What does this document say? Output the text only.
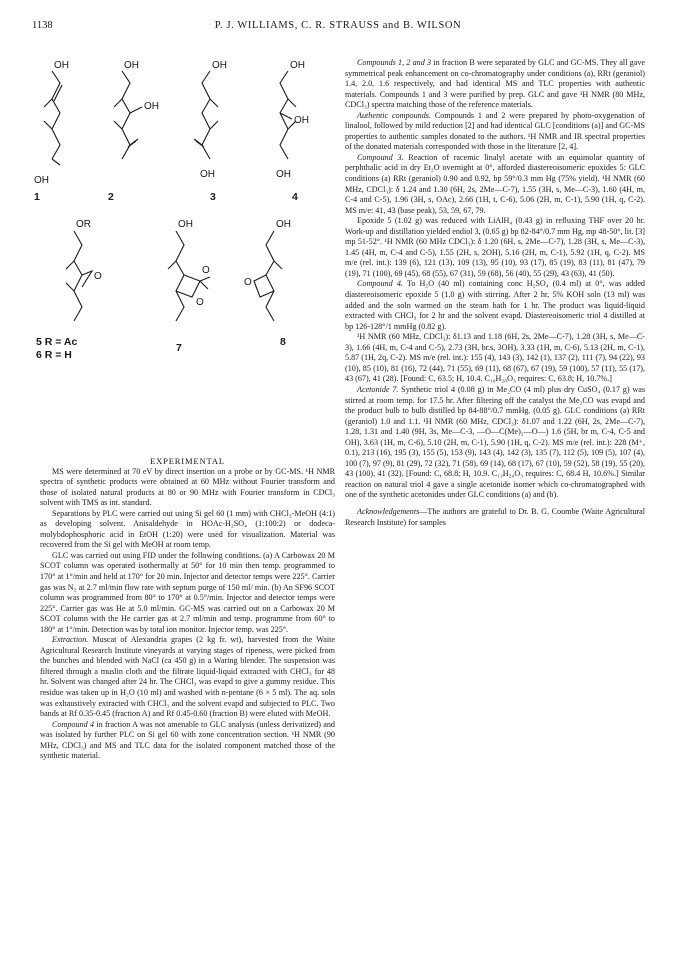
1138	P. J. WILLIAMS, C. R. STRAUSS and B. WILSON
OH
OH
OH
OH
OH
OH
OH
OH
OH
1	2	3	4
OR
O
OH
O
O
OH
O
5 R = Ac
6 R = H
7	8

EXPERIMENTAL

MS were determined at 70 eV by direct insertion on a probe or by GC-MS. ¹H NMR spectra of synthetic products were obtained at 60 MHz without Fourier transform and those of isolated natural products at 80 or 90 MHz with Fourier transform in CDCl₃ solvent with TMS as int. standard.

Separations by PLC were carried out using Si gel 60 (1 mm) with CHCl₃-MeOH (4:1) as developing solvent. Anisaldehyde in HOAc-H₂SO₄ (1:100:2) or dodeca-molybdophosphoric acid in EtOH (1:20) were used for visualization. Material was recovered from the Si gel with MeOH at room temp.

GLC was carried out using FID under the following conditions. (a) A Carbowax 20 M SCOT column was operated isothermally at 50° for 10 min then temp. programmed to 170° at 1°/min and held at 170° for 20 min. Injector and detector temps were 225°. Carrier gas was N₂ at 2.7 ml/min flow rate with septum purge of 150 ml/ min. (b) An SF96 SCOT column was programmed from 80° to 170° at 0.5°/min. Injector and detector temps were 225°. Carrier gas was He at 5.0 ml/min. GC-MS was carried out on a Carbowax 20 M SCOT column with the He carrier gas at 2.7 ml/min and temp. programme from 60° to 180° at 1°/min. Detection was by total ion monitor. Injector temp. was 225°.

Extraction. Muscat of Alexandria grapes (2 kg fr. wt), harvested from the Waite Agricultural Research Institute vineyards at varying stages of ripeness, were picked from the bunches and blended with NaCl (ca 450 g) in a Waring blender. The suspension was filtered through a muslin cloth and the filtrate liquid-liquid extracted with CHCl₃ for 48 hr. Solvent was changed after 24 hr. The CHCl₃ was evapd to give a gummy residue. This residue was taken up in H₂O (10 ml) and washed with n-pentane (6 × 5 ml). The aq. soln was exhaustively extracted with CHCl₃ and the solvent evapd and subjected to PLC. Two bands at Rf 0.35-0.45 (fraction A) and Rf 0.45-0.60 (fraction B) were eluted with MeOH.

Compound 4 in fraction A was not amenable to GLC analysis (unless derivatized) and was isolated by further PLC on Si gel 60 with zone concentration section. ¹H NMR (90 MHz, CDCl₃) and MS and TLC data for the isolated component matched those of the synthetic material.

Compounds 1, 2 and 3 in fraction B were separated by GLC and GC-MS. They all gave symmetrical peak enhancement on co-chromatography under conditions (a), RRt (geraniol) 1.4, 2.0, 1.6 respectively, and had identical MS and TLC properties with authentic materials. Compounds 1 and 3 were purified by prep. GLC and gave ¹H NMR (80 MHz, CDCl₃) spectra matching those of the reference materials.

Authentic compounds. Compounds 1 and 2 were prepared by photo-oxygenation of linalool, followed by mild reduction [2] and had identical GLC [conditions (a)] and GC-MS properties to authentic samples donated to the authors. ¹H NMR and IR spectral properties of the donated materials corresponded with those in the literature [2, 4].

Compound 3. Reaction of racemic linalyl acetate with an equimolar quantity of perphthalic acid in dry Et₂O overnight at 0°, afforded diastereoisomeric epoxides 5: GLC conditions (a) RRt (geraniol) 0.90 and 0.92, bp 59°/0.3 mm Hg (75% yield). ¹H NMR (60 MHz, CDCl₃): δ 1.24 and 1.30 (6H, 2s, 2Me—C-7), 1.55 (3H, s, Me—C-3), 1.60 (4H, m, C-4 and C-5), 1.96 (3H, s, OAc), 2.66 (1H, t, C-6), 5.06 (2H, m, C-1), 5.90 (1H, q, C-2). MS m/e: 41, 43 (base peak), 53, 59, 67, 79.

Epoxide 5 (1.02 g) was reduced with LiAlH₄ (0.43 g) in refluxing THF over 20 hr. Work-up and distillation yielded endiol 3, (0.65 g) bp 82-84°/0.7 mm Hg, mp 48-50°, lit. [3] mp 51-52°. ¹H NMR (60 MHz CDCl₃): δ 1.20 (6H, s, 2Me—C-7), 1.28 (3H, s, Me—C-3), 1.45 (4H, m, C-4 and C-5), 1.55 (2H, s, 2OH), 5.16 (2H, m, C-1), 5.92 (1H, q, C-2). MS m/e (rel. int.): 139 (6), 121 (13), 109 (13), 95 (10), 93 (17), 85 (19), 83 (11), 81 (47), 79 (19), 71 (100), 69 (45), 68 (55), 67 (31), 59 (68), 56 (40), 55 (29), 43 (63), 41 (50).

Compound 4. To H₂O (40 ml) containing conc H₂SO₄ (0.4 ml) at 0°, was added diastereoisomeric epoxide 5 (1.0 g) with stirring. After 2 hr, 5% KOH soln (13 ml) was added and the soln warmed on the steam bath for 1 hr. The product was liquid-liquid extracted with CHCl₃ for 2 hr and the solvent evapd. Diastereoisomeric triol 4 distilled at bp 126-128°/1 mmHg (0.82 g).

¹H NMR (60 MHz, CDCl₃): δ1.13 and 1.18 (6H, 2s, 2Me—C-7), 1.28 (3H, s, Me—C-3), 1.66 (4H, m, C-4 and C-5), 2.73 (3H, br.s, 3OH), 3.33 (1H, m, C-6), 5.13 (2H, m, C-1), 5.87 (1H, 2q, C-2). MS m/e (rel. int.): 155 (4), 143 (3), 142 (1), 137 (2), 111 (7), 94 (22), 93 (10), 85 (10), 81 (16), 72 (44), 71 (55), 69 (11), 68 (67), 67 (19), 59 (100), 57 (11), 55 (17), 43 (67), 41 (28). [Found: C, 63.5; H, 10.4. C₁₀H₂₀O₃ requires: C, 63.8; H, 10.7%.]

Acetonide 7. Synthetic triol 4 (0.08 g) in Me₂CO (4 ml) plus dry CuSO₄ (0.17 g) was stirred at room temp. for 17.5 hr. After filtering off the catalyst the Me₂CO was evapd and the product bulb to bulb distilled bp 84-88°/0.7 mmHg. (0.05 g). GLC conditions (a) RRt (geraniol) 1.0 and 1.1. ¹H NMR (60 MHz, CDCl₃): δ1.07 and 1.22 (6H, 2s, 2Me—C-7), 1.28, 1.31 and 1.40 (9H, 3s, Me—C-3, —O—C(Me)₂—O—) 1.6 (5H, br m, C-4, C-5 and OH), 3.63 (1H, m, C-6), 5.10 (2H, m, C-1), 5.90 (1H, q, C-2). MS m/e (rel. int.): 228 (M⁺, 0.1), 213 (16), 195 (3), 155 (5), 153 (9), 143 (4), 142 (3), 135 (7), 112 (5), 109 (5), 107 (4), 100 (7), 97 (9), 81 (29), 72 (32), 71 (58), 69 (14), 68 (17), 67 (10), 59 (52), 58 (19), 55 (20), 43 (100), 41 (32). [Found: C, 68.8; H, 10.9. C₁₃H₂₄O₃ requires: C, 68.4 H, 10.6%.] Similar reaction on natural triol 4 gave a single acetonide isomer which co-chromatographed with one of the synthetic acetonides under GLC conditions (a) and (b).

Acknowledgements—The authors are grateful to Dr. B. G. Coombe (Waite Agricultural Research Institute) for samples
